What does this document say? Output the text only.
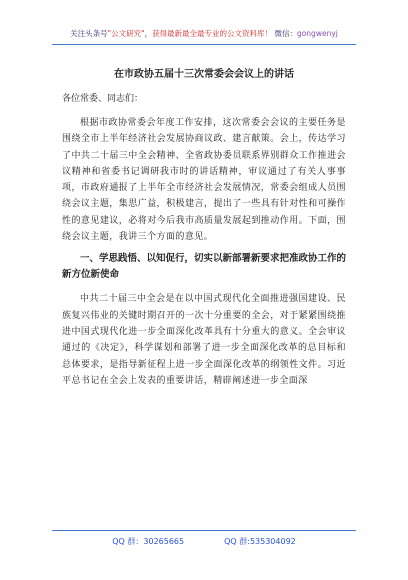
关注头条号"公文研究"，获得最新最全最专业的公文资料库！ 微信：gongwenyj
在市政协五届十三次常委会会议上的讲话
各位常委、同志们：

根据市政协常委会年度工作安排，这次常委会会议的主要任务是围绕全市上半年经济社会发展协商议政、建言献策。会上，传达学习了中共二十届三中全会精神、全省政协委员联系界别群众工作推进会议精神和省委书记调研我市时的讲话精神，审议通过了有关人事事项，市政府通报了上半年全市经济社会发展情况，常委会组成人员围绕会议主题，集思广益，积极建言，提出了一些具有针对性和可操作性的意见建议，必将对今后我市高质量发展起到推动作用。下面，围绕会议主题，我讲三个方面的意见。

一、学思践悟、以知促行，切实以新部署新要求把准政协工作的新方位新使命

中共二十届三中全会是在以中国式现代化全面推进强国建设、民族复兴伟业的关键时期召开的一次十分重要的全会，对于紧紧围绕推进中国式现代化进一步全面深化改革具有十分重大的意义。全会审议通过的《决定》，科学谋划和部署了进一步全面深化改革的总目标和总体要求，是指导新征程上进一步全面深化改革的纲领性文件。习近平总书记在全会上发表的重要讲话，精辟阐述进一步全面深

QQ 群：30265665	QQ 群:535304092
